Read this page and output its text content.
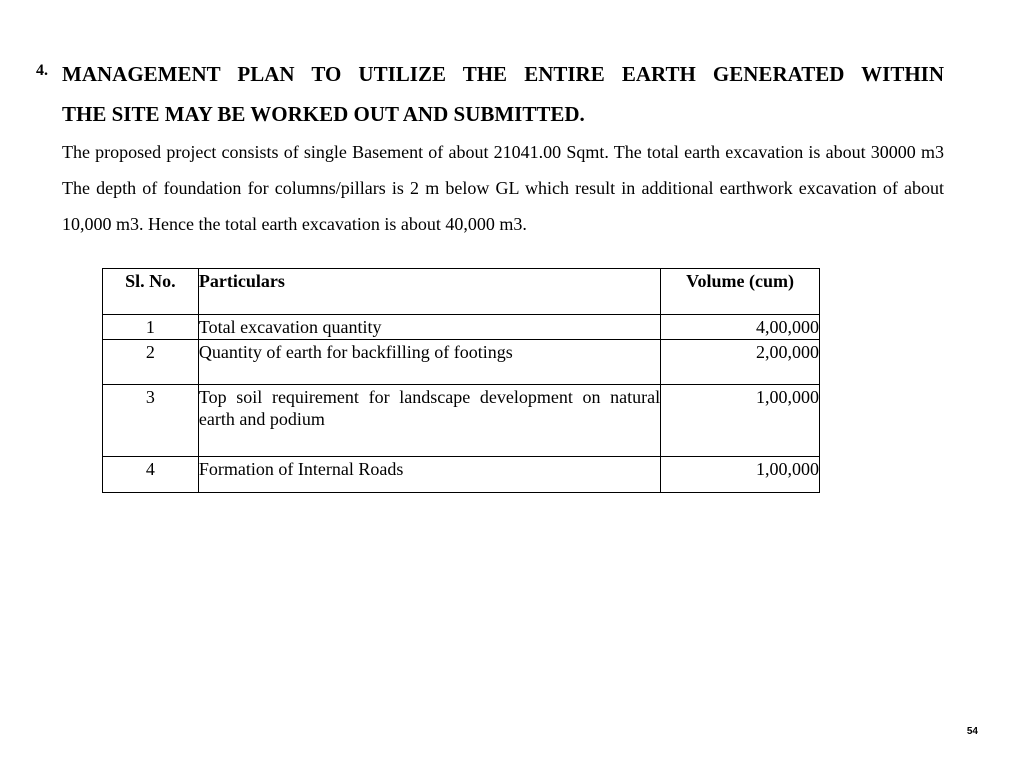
4. MANAGEMENT PLAN TO UTILIZE THE ENTIRE EARTH GENERATED WITHIN
THE SITE MAY BE WORKED OUT AND SUBMITTED.

The proposed project consists of single Basement of about 21041.00 Sqmt. The total earth excavation is about 30000 m3 The depth of foundation for columns/pillars is 2 m below GL which result in additional earthwork excavation of about 10,000 m3. Hence the total earth excavation is about 40,000 m3.

Sl. No.	Particulars	Volume (cum)
1	Total excavation quantity	4,00,000
2	Quantity of earth for backfilling of footings	2,00,000
3	Top soil requirement for landscape development on natural earth and podium	1,00,000
4	Formation of Internal Roads	1,00,000
54
